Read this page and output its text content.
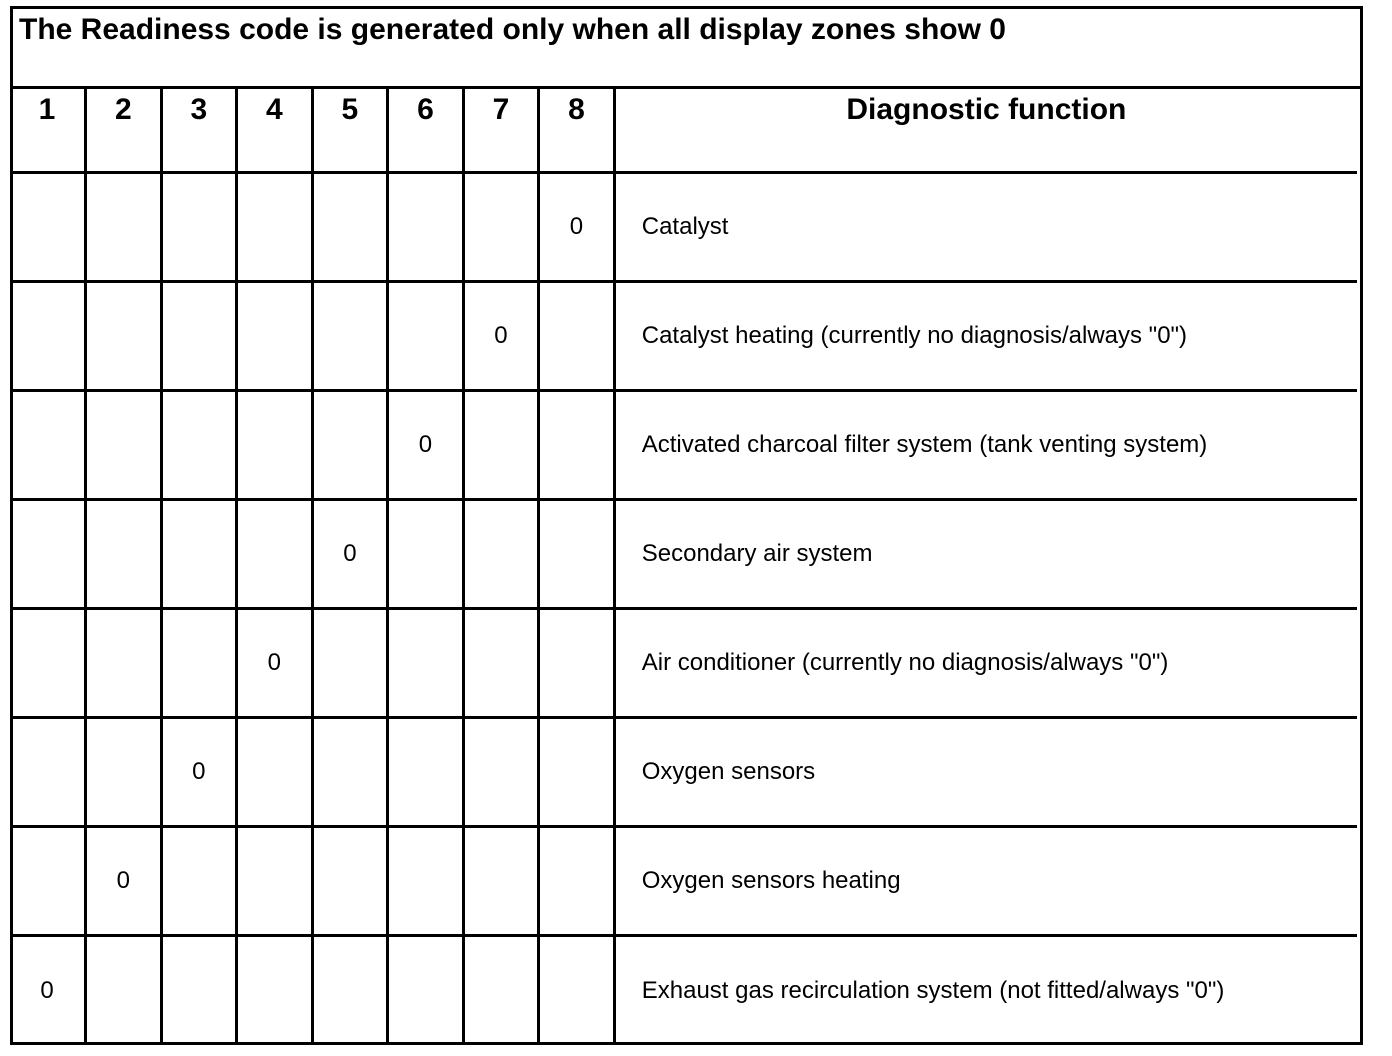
The Readiness code is generated only when all display zones show 0
1	2	3	4	5	6	7	8	Diagnostic function
							0	Catalyst
						0		Catalyst heating (currently no diagnosis/always "0")
					0			Activated charcoal filter system (tank venting system)
				0				Secondary air system
			0					Air conditioner (currently no diagnosis/always "0")
		0						Oxygen sensors
	0							Oxygen sensors heating
0								Exhaust gas recirculation system (not fitted/always "0")
